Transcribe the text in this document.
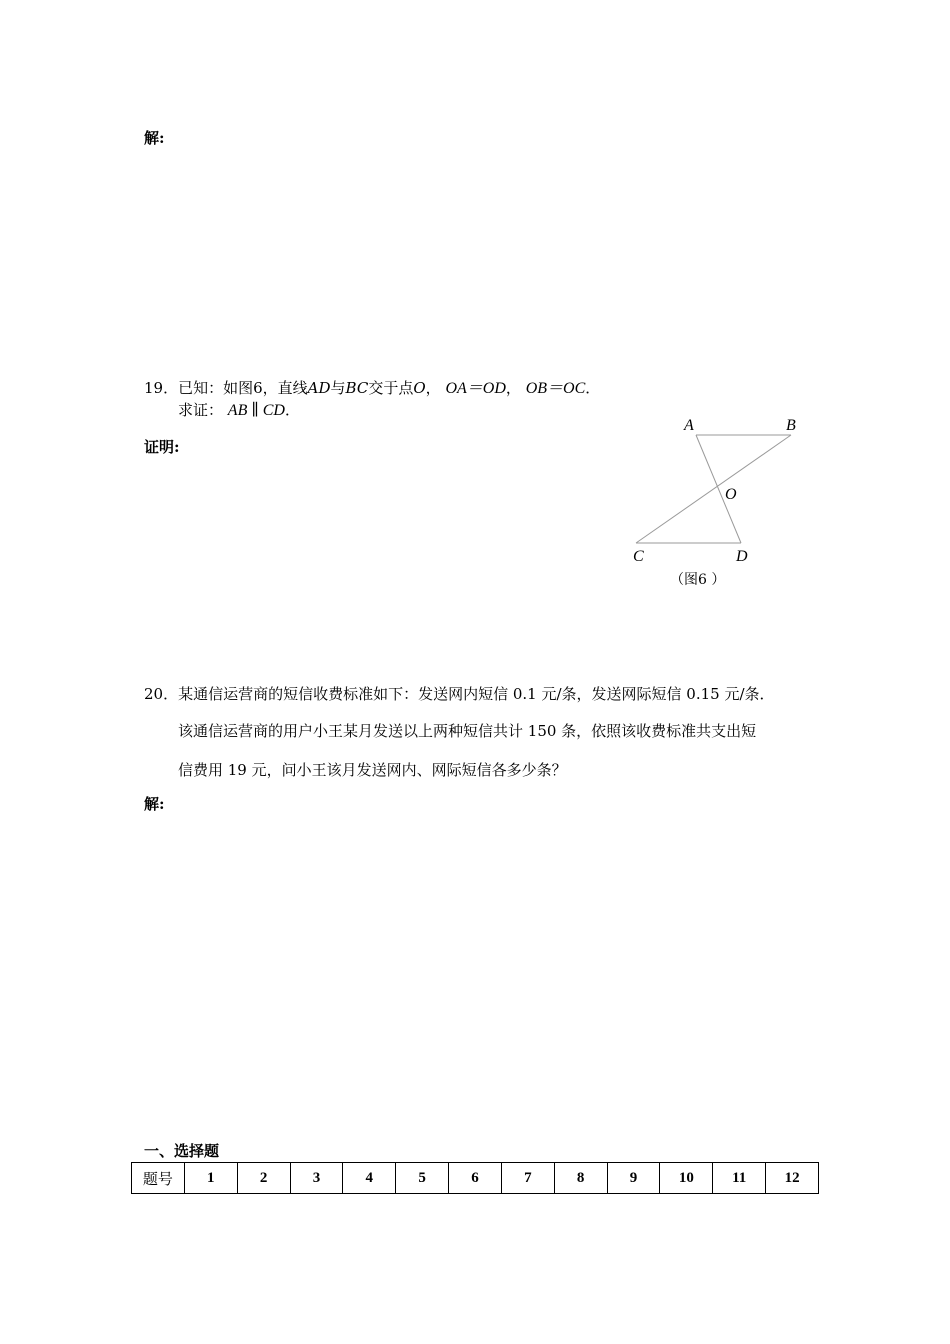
解:
19．已知：如图6，直线AD与BC交于点O， OA＝OD， OB＝OC．
求证： AB ∥ CD．
证明:
A	B
O
C	D
（图6 ）
20．某通信运营商的短信收费标准如下：发送网内短信 0.1 元/条，发送网际短信 0.15 元/条．
该通信运营商的用户小王某月发送以上两种短信共计 150 条，依照该收费标准共支出短
信费用 19 元，问小王该月发送网内、网际短信各多少条？
解:
一、选择题
题号	1	2	3	4	5	6	7	8	9	10	11	12
